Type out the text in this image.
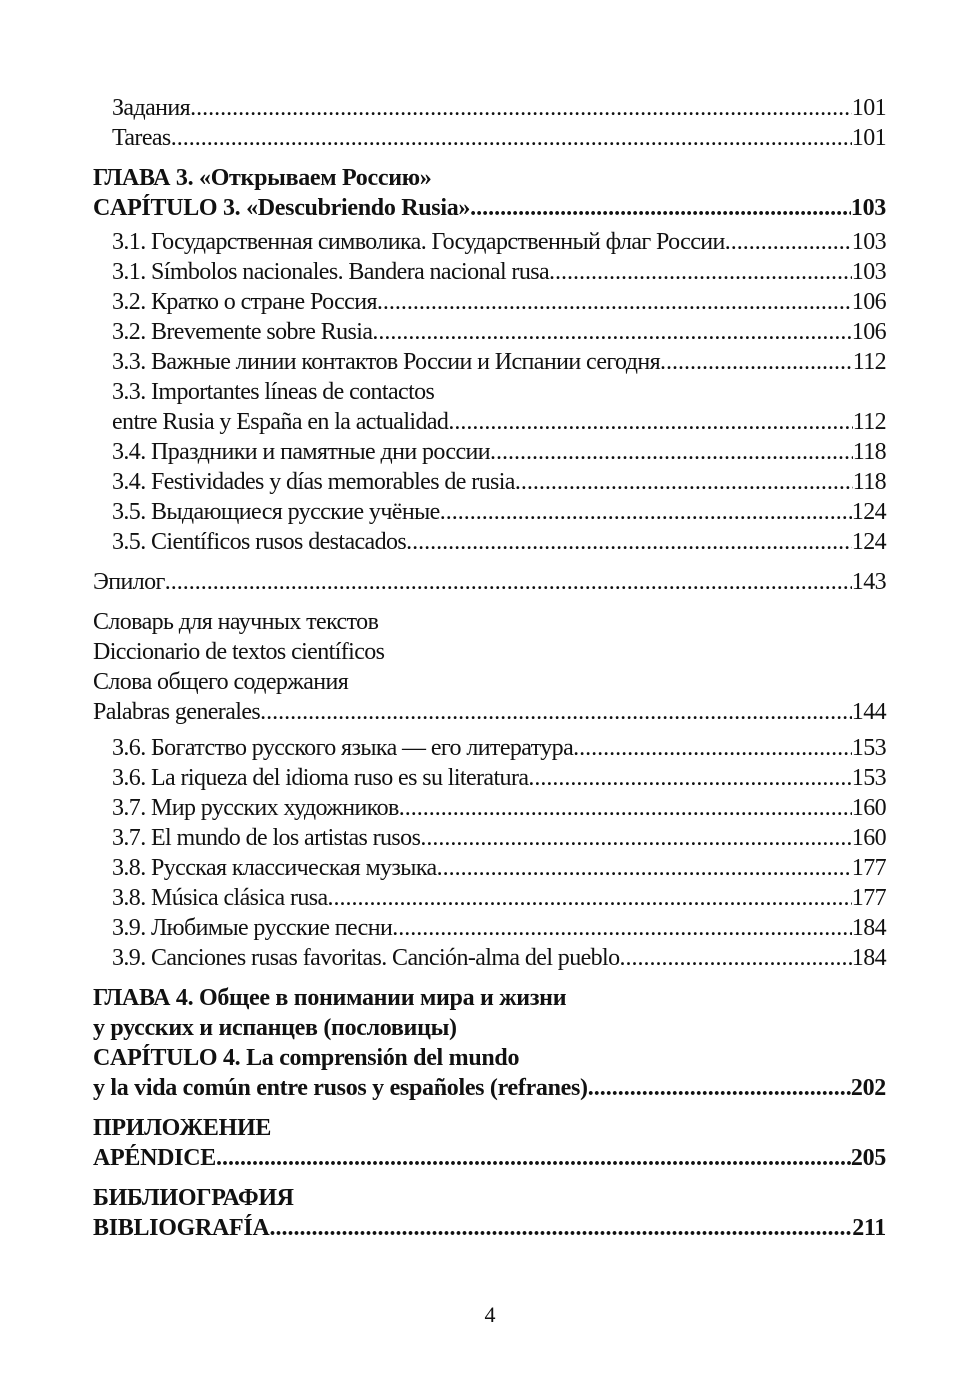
Задания .....	101
Tareas .....	101
ГЛАВА 3. «Открываем Россию»
CAPÍTULO 3. «Descubriendo Rusia» .....	103
3.1. Государственная символика. Государственный флаг России .....	103
3.1. Símbolos nacionales. Bandera nacional rusa .....	103
3.2. Кратко о стране Россия .....	106
3.2. Brevemente sobre Rusia .....	106
3.3. Важные линии контактов России и Испании сегодня .....	112
3.3. Importantes líneas de contactos
entre Rusia y España en la actualidad .....	112
3.4. Праздники и памятные дни россии .....	118
3.4. Festividades y días memorables de rusia .....	118
3.5. Выдающиеся русские учёные .....	124
3.5. Científicos rusos destacados .....	124
Эпилог .....	143
Словарь для научных текстов
Diccionario de textos científicos
Слова общего содержания
Palabras generales .....	144
3.6. Богатство русского языка — его литература .....	153
3.6. La riqueza del idioma ruso es su literatura .....	153
3.7. Мир русских художников .....	160
3.7. El mundo de los artistas rusos .....	160
3.8. Русская классическая музыка .....	177
3.8. Música clásica rusa .....	177
3.9. Любимые русские песни .....	184
3.9. Canciones rusas favoritas. Canción-alma del pueblo .....	184
ГЛАВА 4. Общее в понимании мира и жизни
у русских и испанцев (пословицы)
CAPÍTULO 4. La comprensión del mundo
y la vida común entre rusos y españoles (refranes) .....	202
ПРИЛОЖЕНИЕ
APÉNDICE .....	205
БИБЛИОГРАФИЯ
BIBLIOGRAFÍA .....	211
4
